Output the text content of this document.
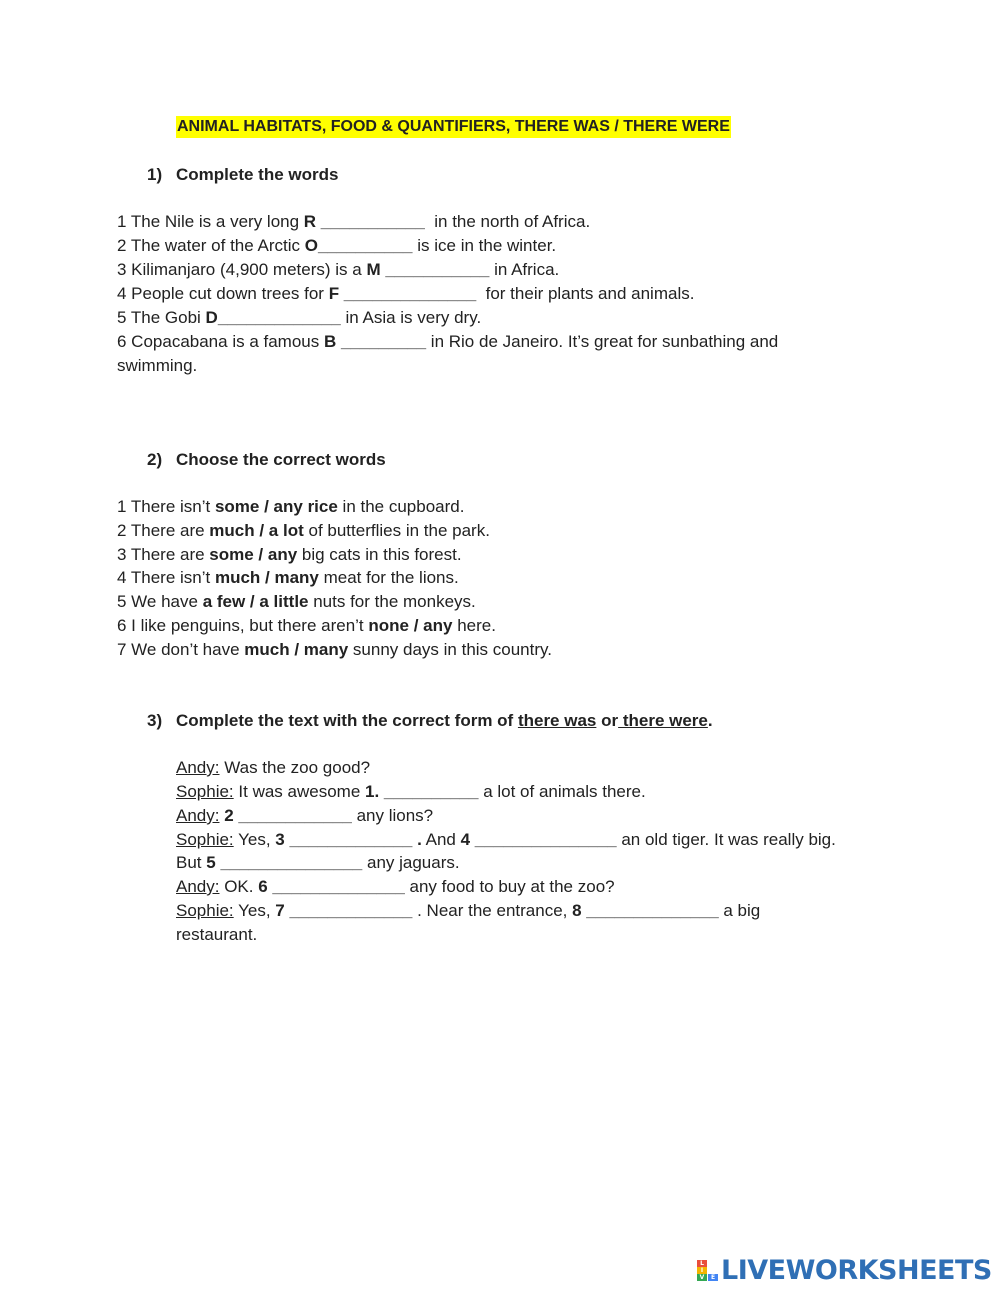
ANIMAL HABITATS, FOOD & QUANTIFIERS, THERE WAS / THERE WERE
1) Complete the words
1 The Nile is a very long R ___________  in the north of Africa.
2 The water of the Arctic O__________ is ice in the winter.
3 Kilimanjaro (4,900 meters) is a M ___________ in Africa.
4 People cut down trees for F ______________  for their plants and animals.
5 The Gobi D_____________ in Asia is very dry.
6 Copacabana is a famous B _________ in Rio de Janeiro. It’s great for sunbathing and
swimming.
2) Choose the correct words
1 There isn’t some / any rice in the cupboard.
2 There are much / a lot of butterflies in the park.
3 There are some / any big cats in this forest.
4 There isn’t much / many meat for the lions.
5 We have a few / a little nuts for the monkeys.
6 I like penguins, but there aren’t none / any here.
7 We don’t have much / many sunny days in this country.
3) Complete the text with the correct form of there was or there were.
Andy: Was the zoo good?
Sophie: It was awesome 1. __________ a lot of animals there.
Andy: 2 ____________ any lions?
Sophie: Yes, 3 _____________ . And 4 _______________ an old tiger. It was really big.
But 5 _______________ any jaguars.
Andy: OK. 6 ______________ any food to buy at the zoo?
Sophie: Yes, 7 _____________ . Near the entrance, 8 ______________ a big
restaurant.
L
I
V	E LIVEWORKSHEETS
